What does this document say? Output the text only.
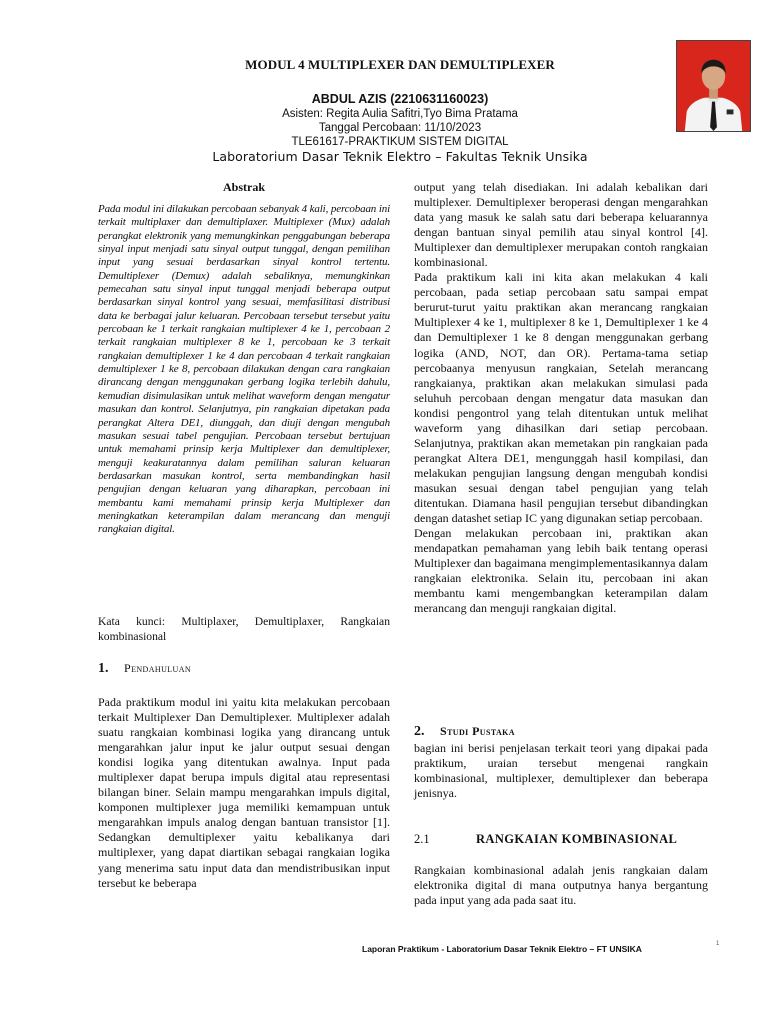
MODUL 4 MULTIPLEXER DAN DEMULTIPLEXER
ABDUL AZIS (2210631160023)
Asisten: Regita Aulia Safitri,Tyo Bima Pratama
Tanggal Percobaan: 11/10/2023
TLE61617-PRAKTIKUM SISTEM DIGITAL
Laboratorium Dasar Teknik Elektro – Fakultas Teknik Unsika
Abstrak
Pada modul ini dilakukan percobaan sebanyak 4 kali, percobaan ini terkait multiplaxer dan demultiplaxer. Multiplexer (Mux) adalah perangkat elektronik yang memungkinkan penggabungan beberapa sinyal input menjadi satu sinyal output tunggal, dengan pemilihan input yang sesuai berdasarkan sinyal kontrol tertentu. Demultiplexer (Demux) adalah sebaliknya, memungkinkan pemecahan satu sinyal input tunggal menjadi beberapa output berdasarkan sinyal kontrol yang sesuai, memfasilitasi distribusi data ke berbagai jalur keluaran. Percobaan tersebut tersebut yaitu percobaan ke 1 terkait rangkaian multiplexer 4 ke 1, percobaan 2 terkait rangkaian multiplexer 8 ke 1, percobaan ke 3 terkait rangkaian demultiplexer 1 ke 4 dan percobaan 4 terkait rangkaian demultiplexer 1 ke 8, percobaan dilakukan dengan cara rangkaian dirancang dengan menggunakan gerbang logika terlebih dahulu, kemudian disimulasikan untuk melihat waveform dengan mengatur masukan dan kontrol. Selanjutnya, pin rangkaian dipetakan pada perangkat Altera DE1, diunggah, dan diuji dengan mengubah masukan sesuai tabel pengujian. Percobaan tersebut bertujuan untuk memahami prinsip kerja Multiplexer dan demultiplexer, menguji keakuratannya dalam pemilihan saluran keluaran berdasarkan masukan kontrol, serta membandingkan hasil pengujian dengan keluaran yang diharapkan, percobaan ini membantu kami memahami prinsip kerja Multiplexer dan meningkatkan keterampilan dalam merancang dan menguji rangkaian digital.
Kata kunci: Multiplaxer, Demultiplaxer, Rangkaian kombinasional
1.	Pendahuluan

Pada praktikum modul ini yaitu kita melakukan percobaan terkait Multiplexer Dan Demultiplexer. Multiplexer adalah suatu rangkaian kombinasi logika yang dirancang untuk mengarahkan jalur input ke jalur output sesuai dengan kondisi logika yang ditentukan awalnya. Input pada multiplexer dapat berupa impuls digital atau representasi bilangan biner. Selain mampu mengarahkan impuls digital, komponen multiplexer juga memiliki kemampuan untuk mengarahkan impuls analog dengan bantuan transistor [1]. Sedangkan demultiplexer yaitu kebalikanya dari multiplexer, yang dapat diartikan sebagai rangkaian logika yang menerima satu input data dan mendistribusikan input tersebut ke beberapa

output yang telah disediakan. Ini adalah kebalikan dari multiplexer. Demultiplexer beroperasi dengan mengarahkan data yang masuk ke salah satu dari beberapa keluarannya dengan bantuan sinyal pemilih atau sinyal kontrol [4]. Multiplexer dan demultiplexer merupakan contoh rangkaian kombinasional.

Pada praktikum kali ini kita akan melakukan 4 kali percobaan, pada setiap percobaan satu sampai empat berurut-turut yaitu praktikan akan merancang rangkaian Multiplexer 4 ke 1, multiplexer 8 ke 1, Demultiplexer 1 ke 4 dan Demultiplexer 1 ke 8 dengan menggunakan gerbang logika (AND, NOT, dan OR). Pertama-tama setiap percobaanya menyusun rangkaian, Setelah merancang rangkaianya, praktikan akan melakukan simulasi pada seluhuh percobaan dengan mengatur data masukan dan kondisi pengontrol yang telah ditentukan untuk melihat waveform yang dihasilkan dari setiap percobaan. Selanjutnya, praktikan akan memetakan pin rangkaian pada perangkat Altera DE1, mengunggah hasil kompilasi, dan melakukan pengujian langsung dengan mengubah kondisi masukan sesuai dengan tabel pengujian yang telah ditentukan. Diamana hasil pengujian tersebut dibandingkan dengan datashet setiap IC yang digunakan setiap percobaan.

Dengan melakukan percobaan ini, praktikan akan mendapatkan pemahaman yang lebih baik tentang operasi Multiplexer dan bagaimana mengimplementasikannya dalam rangkaian elektronika. Selain itu, percobaan ini akan membantu kami mengembangkan keterampilan dalam merancang dan menguji rangkaian digital.

2.	Studi Pustaka
bagian ini berisi penjelasan terkait teori yang dipakai pada praktikum, uraian tersebut mengenai rangkain kombinasional, multiplexer, demultiplexer dan beberapa jenisnya.
2.1	RANGKAIAN KOMBINASIONAL
Rangkaian kombinasional adalah jenis rangkaian dalam elektronika digital di mana outputnya hanya bergantung pada input yang ada pada saat itu.
Laporan Praktikum - Laboratorium Dasar Teknik Elektro – FT UNSIKA	1
